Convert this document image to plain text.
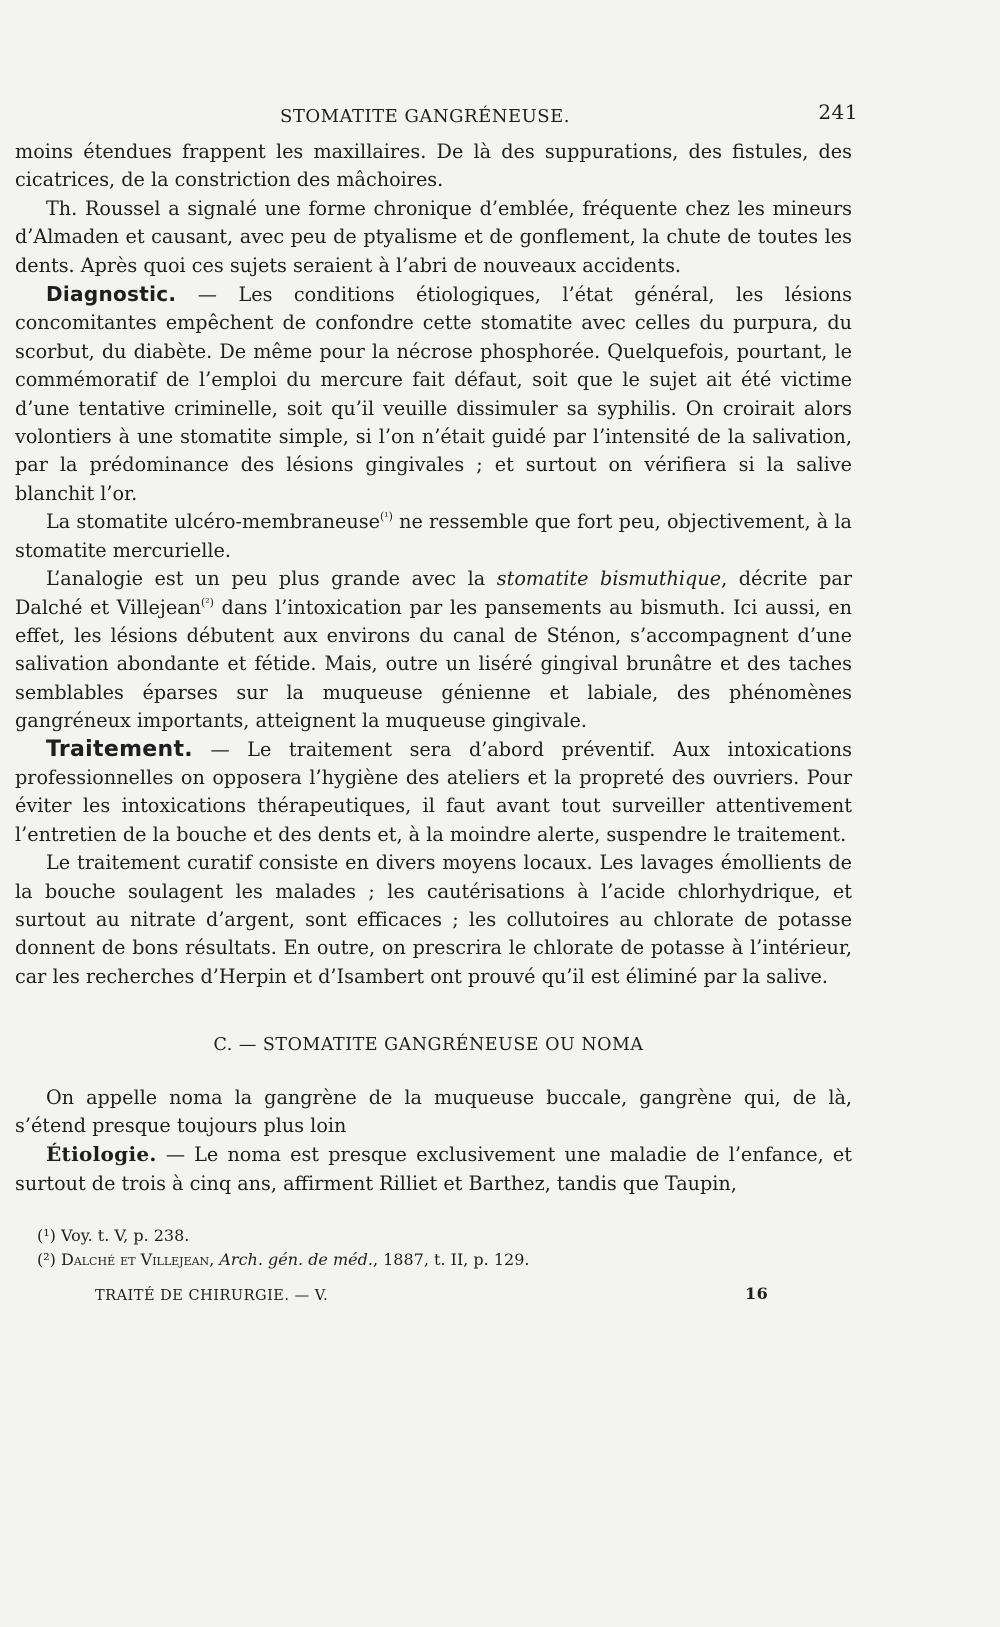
STOMATITE GANGRÉNEUSE.	241

moins étendues frappent les maxillaires. De là des suppurations, des fistules, des cicatrices, de la constriction des mâchoires.

Th. Roussel a signalé une forme chronique d’emblée, fréquente chez les mineurs d’Almaden et causant, avec peu de ptyalisme et de gonflement, la chute de toutes les dents. Après quoi ces sujets seraient à l’abri de nouveaux accidents.

Diagnostic. — Les conditions étiologiques, l’état général, les lésions concomitantes empêchent de confondre cette stomatite avec celles du purpura, du scorbut, du diabète. De même pour la nécrose phosphorée. Quelquefois, pourtant, le commémoratif de l’emploi du mercure fait défaut, soit que le sujet ait été victime d’une tentative criminelle, soit qu’il veuille dissimuler sa syphilis. On croirait alors volontiers à une stomatite simple, si l’on n’était guidé par l’intensité de la salivation, par la prédominance des lésions gingivales ; et surtout on vérifiera si la salive blanchit l’or.

La stomatite ulcéro-membraneuse$^{(^1)}$ ne ressemble que fort peu, objectivement, à la stomatite mercurielle.

L’analogie est un peu plus grande avec la stomatite bismuthique, décrite par Dalché et Villejean$^{(^2)}$ dans l’intoxication par les pansements au bismuth. Ici aussi, en effet, les lésions débutent aux environs du canal de Sténon, s’accompagnent d’une salivation abondante et fétide. Mais, outre un liséré gingival brunâtre et des taches semblables éparses sur la muqueuse génienne et labiale, des phénomènes gangréneux importants, atteignent la muqueuse gingivale.

Traitement. — Le traitement sera d’abord préventif. Aux intoxications professionnelles on opposera l’hygiène des ateliers et la propreté des ouvriers. Pour éviter les intoxications thérapeutiques, il faut avant tout surveiller attentivement l’entretien de la bouche et des dents et, à la moindre alerte, suspendre le traitement.

Le traitement curatif consiste en divers moyens locaux. Les lavages émollients de la bouche soulagent les malades ; les cautérisations à l’acide chlorhydrique, et surtout au nitrate d’argent, sont efficaces ; les collutoires au chlorate de potasse donnent de bons résultats. En outre, on prescrira le chlorate de potasse à l’intérieur, car les recherches d’Herpin et d’Isambert ont prouvé qu’il est éliminé par la salive.

C. — STOMATITE GANGRÉNEUSE OU NOMA

On appelle noma la gangrène de la muqueuse buccale, gangrène qui, de là, s’étend presque toujours plus loin

Étiologie. — Le noma est presque exclusivement une maladie de l’enfance, et surtout de trois à cinq ans, affirment Rilliet et Barthez, tandis que Taupin,

(¹) Voy. t. V, p. 238.
(²) Dalché et Villejean, Arch. gén. de méd., 1887, t. II, p. 129.
TRAITÉ DE CHIRURGIE. — V.	16
